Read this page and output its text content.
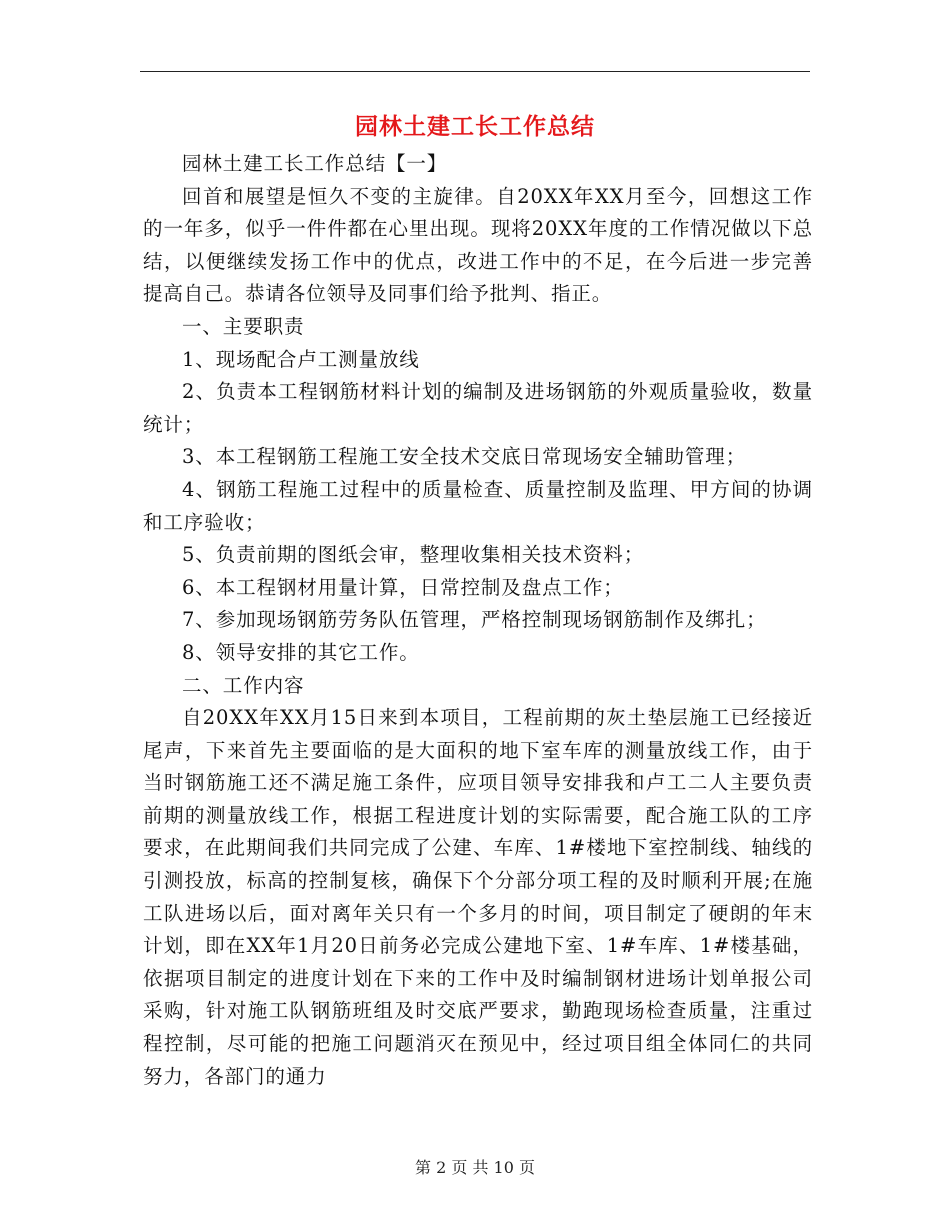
园林土建工长工作总结

园林土建工长工作总结【一】

回首和展望是恒久不变的主旋律。自20XX年XX月至今，回想这工作的一年多，似乎一件件都在心里出现。现将20XX年度的工作情况做以下总结，以便继续发扬工作中的优点，改进工作中的不足，在今后进一步完善提高自己。恭请各位领导及同事们给予批判、指正。

一、主要职责

1、现场配合卢工测量放线

2、负责本工程钢筋材料计划的编制及进场钢筋的外观质量验收，数量统计；

3、本工程钢筋工程施工安全技术交底日常现场安全辅助管理；

4、钢筋工程施工过程中的质量检查、质量控制及监理、甲方间的协调和工序验收；

5、负责前期的图纸会审，整理收集相关技术资料；

6、本工程钢材用量计算，日常控制及盘点工作；

7、参加现场钢筋劳务队伍管理，严格控制现场钢筋制作及绑扎；

8、领导安排的其它工作。

二、工作内容

自20XX年XX月15日来到本项目，工程前期的灰土垫层施工已经接近尾声，下来首先主要面临的是大面积的地下室车库的测量放线工作，由于当时钢筋施工还不满足施工条件，应项目领导安排我和卢工二人主要负责前期的测量放线工作，根据工程进度计划的实际需要，配合施工队的工序要求，在此期间我们共同完成了公建、车库、1#楼地下室控制线、轴线的引测投放，标高的控制复核，确保下个分部分项工程的及时顺利开展;在施工队进场以后，面对离年关只有一个多月的时间，项目制定了硬朗的年末计划，即在XX年1月20日前务必完成公建地下室、1#车库、1#楼基础，依据项目制定的进度计划在下来的工作中及时编制钢材进场计划单报公司采购，针对施工队钢筋班组及时交底严要求，勤跑现场检查质量，注重过程控制，尽可能的把施工问题消灭在预见中，经过项目组全体同仁的共同努力，各部门的通力

第 2 页 共 10 页
